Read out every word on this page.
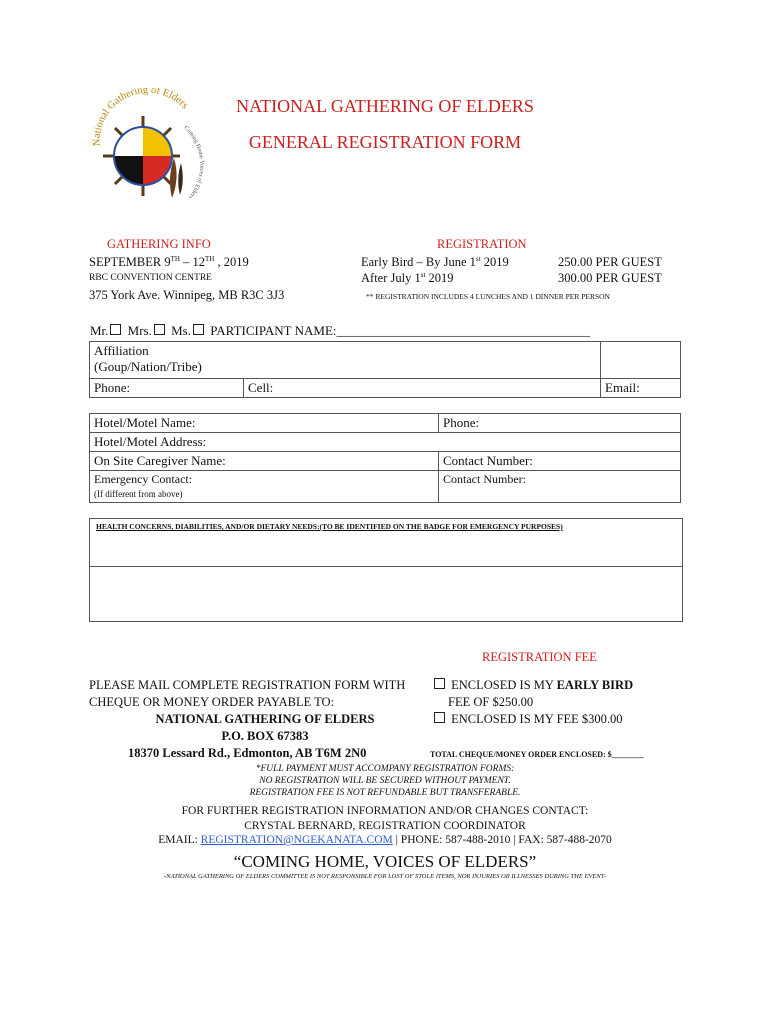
National Gathering of Elders
Coming Home Voices of Elders
NATIONAL GATHERING OF ELDERS
GENERAL REGISTRATION FORM
GATHERING INFO
SEPTEMBER 9TH – 12TH , 2019
RBC CONVENTION CENTRE
375 York Ave. Winnipeg, MB R3C 3J3
REGISTRATION
Early Bird – By June 1st 2019	250.00 PER GUEST
After July 1st 2019	300.00 PER GUEST
** REGISTRATION INCLUDES 4 LUNCHES AND 1 DINNER PER PERSON
Mr. Mrs. Ms. PARTICIPANT NAME:_______________________________________
Affiliation
(Goup/Nation/Tribe)		

Phone:	Cell:	Email:
Hotel/Motel Name:	Phone:
Hotel/Motel Address:	
On Site Caregiver Name:	Contact Number:

Emergency Contact:
(If different from above)	Contact Number:
HEALTH CONCERNS, DIABILITIES, AND/OR DIETARY NEEDS:(TO BE IDENTIFIED ON THE BADGE FOR EMERGENCY PURPOSES)
REGISTRATION FEE
PLEASE MAIL COMPLETE REGISTRATION FORM WITH
CHEQUE OR MONEY ORDER PAYABLE TO:
NATIONAL GATHERING OF ELDERS
P.O. BOX 67383
18370 Lessard Rd., Edmonton, AB T6M 2N0
ENCLOSED IS MY EARLY BIRD
FEE OF $250.00
ENCLOSED IS MY FEE $300.00
TOTAL CHEQUE/MONEY ORDER ENCLOSED: $________
*FULL PAYMENT MUST ACCOMPANY REGISTRATION FORMS:
NO REGISTRATION WILL BE SECURED WITHOUT PAYMENT.
REGISTRATION FEE IS NOT REFUNDABLE BUT TRANSFERABLE.
FOR FURTHER REGISTRATION INFORMATION AND/OR CHANGES CONTACT:
CRYSTAL BERNARD, REGISTRATION COORDINATOR
EMAIL: REGISTRATION@NGEKANATA.COM | PHONE: 587-488-2010 | FAX: 587-488-2070
“COMING HOME, VOICES OF ELDERS”
-NATIONAL GATHERING OF ELDERS COMMITTEE IS NOT RESPONSIBLE FOR LOST OF STOLE ITEMS, NOR INJURIES OR ILLNESSES DURING THE EVENT-
